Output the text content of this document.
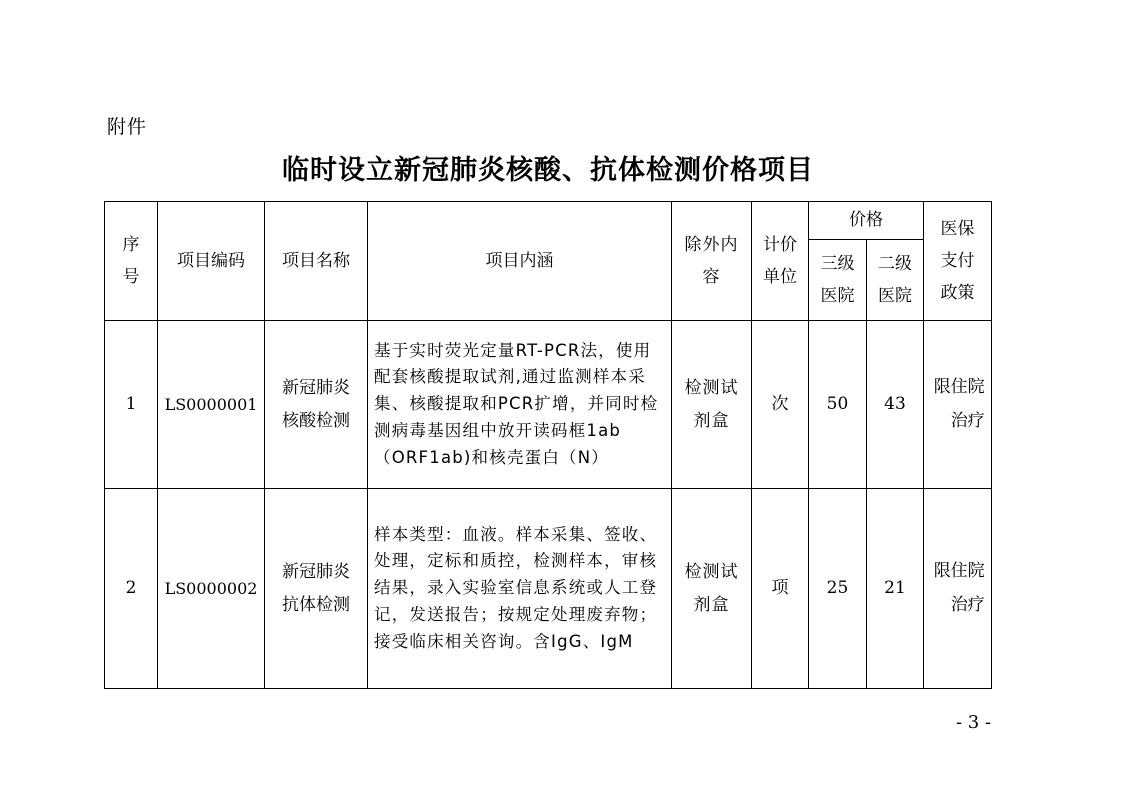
附件
临时设立新冠肺炎核酸、抗体检测价格项目
序号	项目编码	项目名称	项目内涵	除外内容	计价单位	价格		医保支付政策

						三级医院	二级医院	

1	LS0000001	新冠肺炎核酸检测	基于实时荧光定量RT-PCR法，使用配套核酸提取试剂,通过监测样本采集、核酸提取和PCR扩增，并同时检测病毒基因组中放开读码框1ab（ORF1ab)和核壳蛋白（N）	检测试剂盒	次	50	43	限住院治疗

2	LS0000002	新冠肺炎抗体检测	样本类型：血液。样本采集、签收、处理，定标和质控，检测样本，审核结果，录入实验室信息系统或人工登记，发送报告；按规定处理废弃物；接受临床相关咨询。含IgG、IgM	检测试剂盒	项	25	21	限住院治疗
- 3 -
